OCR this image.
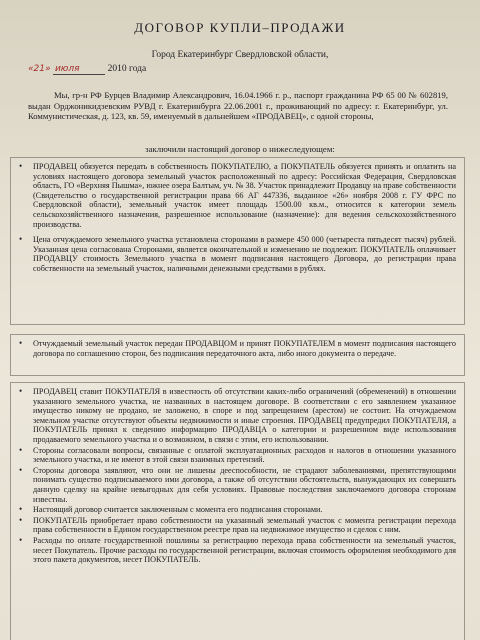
ДОГОВОР КУПЛИ–ПРОДАЖИ
Город Екатеринбург Свердловской области,
«21» июля	2010 года
Мы, гр-н РФ Бурцев Владимир Александрович, 16.04.1966 г. р., паспорт гражданина РФ 65 00 № 602819, выдан Орджоникидзевским РУВД г. Екатеринбурга 22.06.2001 г., проживающий по адресу: г. Екатеринбург, ул. Коммунистическая, д. 123, кв. 59, именуемый в дальнейшем «ПРОДАВЕЦ», с одной стороны,
заключили настоящий договор о нижеследующем:
• ПРОДАВЕЦ обязуется передать в собственность ПОКУПАТЕЛЮ, а ПОКУПАТЕЛЬ обязуется принять и оплатить на условиях настоящего договора земельный участок расположенный по адресу: Российская Федерация, Свердловская область, ГО «Верхняя Пышма», южнее озера Балтым, уч. № 38. Участок принадлежит Продавцу на праве собственности (Свидетельство о государственной регистрации права 66 АГ 447336, выданное «26» ноября 2008 г. ГУ ФРС по Свердловской области), земельный участок имеет площадь 1500.00 кв.м., относится к категории земель сельскохозяйственного назначения, разрешенное использование (назначение): для ведения сельскохозяйственного производства.
• Цена отчуждаемого земельного участка установлена сторонами в размере 450 000 (четыреста пятьдесят тысяч) рублей. Указанная цена согласована Сторонами, является окончательной и изменению не подлежит. ПОКУПАТЕЛЬ оплачивает ПРОДАВЦУ стоимость Земельного участка в момент подписания настоящего Договора, до регистрации права собственности на земельный участок, наличными денежными средствами в рублях.
• Отчуждаемый земельный участок передан ПРОДАВЦОМ и принят ПОКУПАТЕЛЕМ в момент подписания настоящего договора по соглашению сторон, без подписания передаточного акта, либо иного документа о передаче.
• ПРОДАВЕЦ ставит ПОКУПАТЕЛЯ в известность об отсутствии каких-либо ограничений (обременений) в отношении указанного земельного участка, не названных в настоящем договоре. В соответствии с его заявлением указанное имущество никому не продано, не заложено, в споре и под запрещением (арестом) не состоит. На отчуждаемом земельном участке отсутствуют объекты недвижимости и иные строения. ПРОДАВЕЦ предупредил ПОКУПАТЕЛЯ, а ПОКУПАТЕЛЬ принял к сведению информацию ПРОДАВЦА о категории и разрешенном виде использования продаваемого земельного участка и о возможном, в связи с этим, его использовании.
• Стороны согласовали вопросы, связанные с оплатой эксплуатационных расходов и налогов в отношении указанного земельного участка, и не имеют в этой связи взаимных претензий.
• Стороны договора заявляют, что они не лишены дееспособности, не страдают заболеваниями, препятствующими понимать существо подписываемого ими договора, а также об отсутствии обстоятельств, вынуждающих их совершать данную сделку на крайне невыгодных для себя условиях. Правовые последствия заключаемого договора сторонам известны.
• Настоящий договор считается заключенным с момента его подписания сторонами.
• ПОКУПАТЕЛЬ приобретает право собственности на указанный земельный участок с момента регистрации перехода права собственности в Едином государственном реестре прав на недвижимое имущество и сделок с ним.
• Расходы по оплате государственной пошлины за регистрацию перехода права собственности на земельный участок, несет Покупатель. Прочие расходы по государственной регистрации, включая стоимость оформления необходимого для этого пакета документов, несет ПОКУПАТЕЛЬ.
